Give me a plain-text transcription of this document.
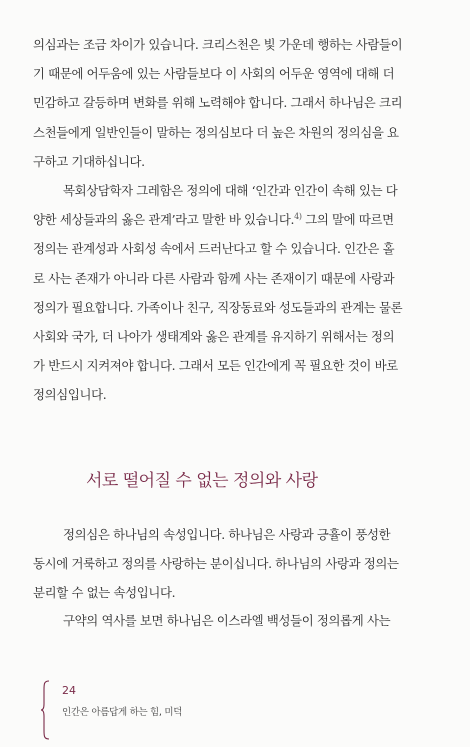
의심과는 조금 차이가 있습니다. 크리스천은 빛 가운데 행하는 사람들이
기 때문에 어두움에 있는 사람들보다 이 사회의 어두운 영역에 대해 더
민감하고 갈등하며 변화를 위해 노력해야 합니다. 그래서 하나님은 크리
스천들에게 일반인들이 말하는 정의심보다 더 높은 차원의 정의심을 요
구하고 기대하십니다.
목회상담학자 그레함은 정의에 대해 ‘인간과 인간이 속해 있는 다
양한 세상들과의 옳은 관계’라고 말한 바 있습니다.$^{4)}$ 그의 말에 따르면
정의는 관계성과 사회성 속에서 드러난다고 할 수 있습니다. 인간은 홀
로 사는 존재가 아니라 다른 사람과 함께 사는 존재이기 때문에 사랑과
정의가 필요합니다. 가족이나 친구, 직장동료와 성도들과의 관계는 물론
사회와 국가, 더 나아가 생태계와 옳은 관계를 유지하기 위해서는 정의
가 반드시 지켜져야 합니다. 그래서 모든 인간에게 꼭 필요한 것이 바로
정의심입니다.
서로 떨어질 수 없는 정의와 사랑
정의심은 하나님의 속성입니다. 하나님은 사랑과 긍휼이 풍성한
동시에 거룩하고 정의를 사랑하는 분이십니다. 하나님의 사랑과 정의는
분리할 수 없는 속성입니다.
구약의 역사를 보면 하나님은 이스라엘 백성들이 정의롭게 사는
24
인간은 아름답게 하는 힘, 미덕
